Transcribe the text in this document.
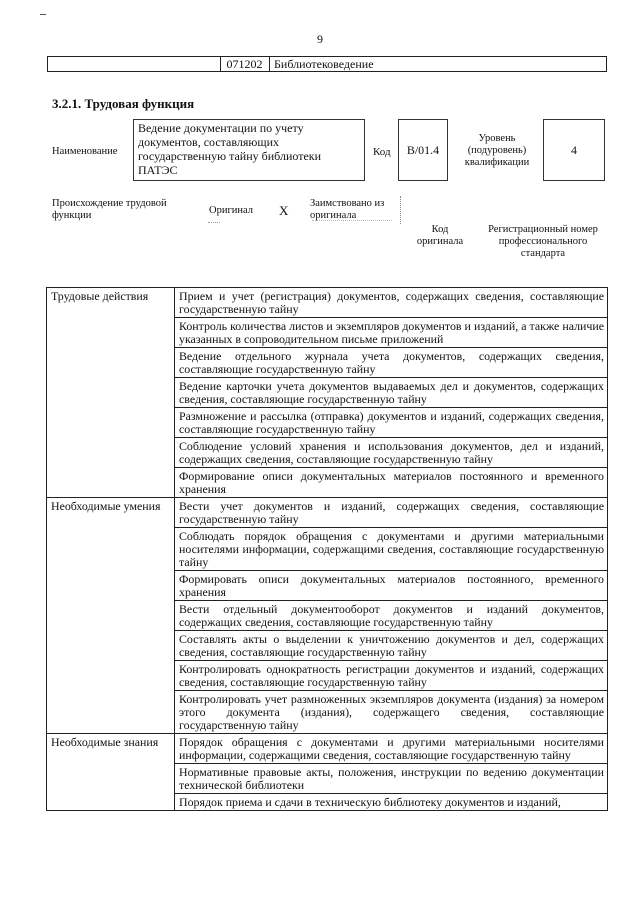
9
071202 Библиотековедение
3.2.1. Трудовая функция
Наименование
Ведение документации по учету документов, составляющих государственную тайну библиотеки ПАТЭС
Код	В/01.4
Уровень (подуровень) квалификации
4
Происхождение трудовой функции	Оригинал X Заимствовано из оригинала
Код оригинала
Регистрационный номер профессионального стандарта
Трудовые действия	Прием и учет (регистрация) документов, содержащих сведения, составляющие государственную тайну
	Контроль количества листов и экземпляров документов и изданий, а также наличие указанных в сопроводительном письме приложений
	Ведение отдельного журнала учета документов, содержащих сведения, составляющие государственную тайну
	Ведение карточки учета документов выдаваемых дел и документов, содержащих сведения, составляющие государственную тайну
	Размножение и рассылка (отправка) документов и изданий, содержащих сведения, составляющие государственную тайну
	Соблюдение условий хранения и использования документов, дел и изданий, содержащих сведения, составляющие государственную тайну
	Формирование описи документальных материалов постоянного и временного хранения
Необходимые умения	Вести учет документов и изданий, содержащих сведения, составляющие государственную тайну
	Соблюдать порядок обращения с документами и другими материальными носителями информации, содержащими сведения, составляющие государственную тайну
	Формировать описи документальных материалов постоянного, временного хранения
	Вести отдельный документооборот документов и изданий документов, содержащих сведения, составляющие государственную тайну
	Составлять акты о выделении к уничтожению документов и дел, содержащих сведения, составляющие государственную тайну
	Контролировать однократность регистрации документов и изданий, содержащих сведения, составляющие государственную тайну
	Контролировать учет размноженных экземпляров документа (издания) за номером этого документа (издания), содержащего сведения, составляющие государственную тайну
Необходимые знания	Порядок обращения с документами и другими материальными носителями информации, содержащими сведения, составляющие государственную тайну
	Нормативные правовые акты, положения, инструкции по ведению документации технической библиотеки
	Порядок приема и сдачи в техническую библиотеку документов и изданий,
